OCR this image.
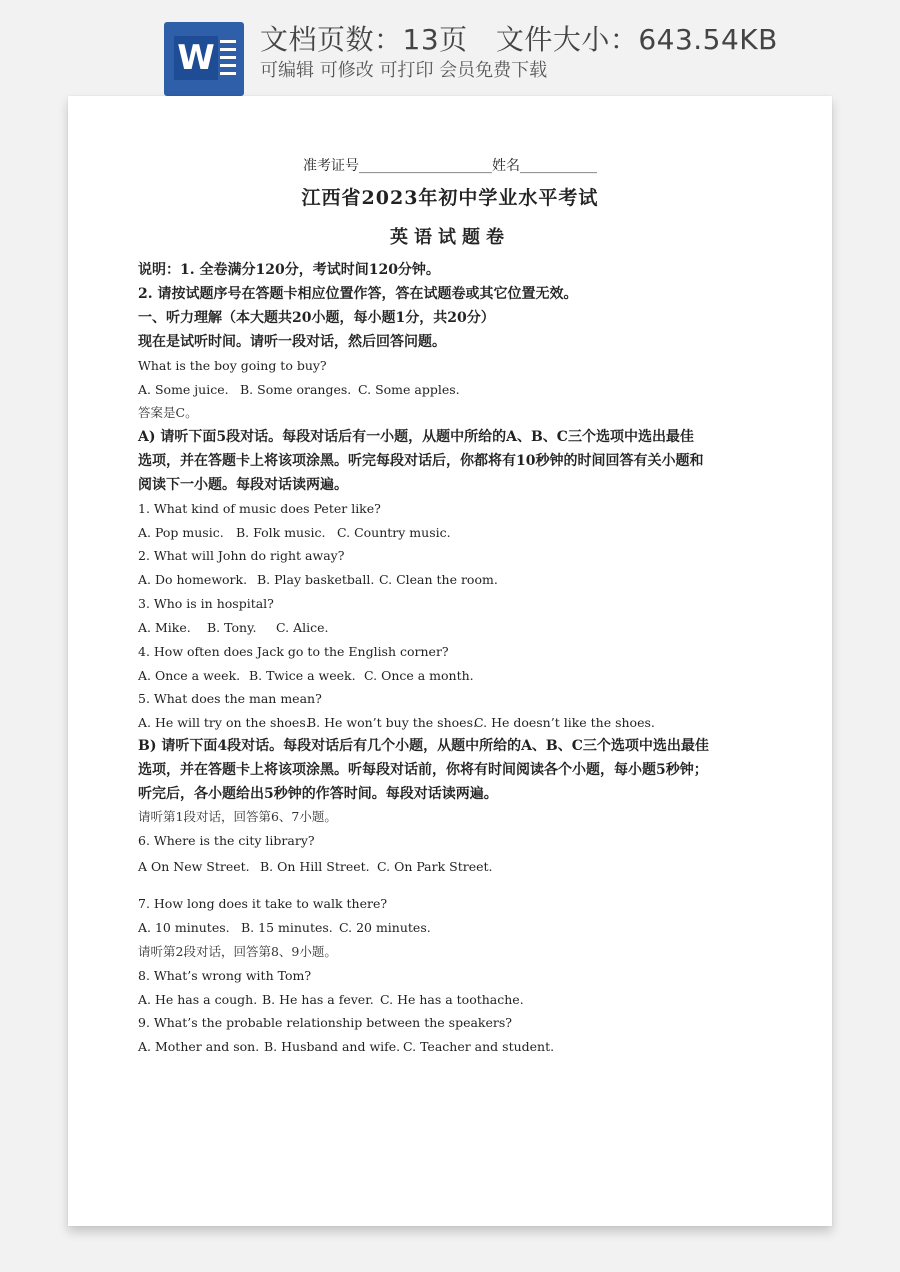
W 文档页数：13页   文件大小：643.54KB
可编辑 可修改 可打印 会员免费下载
准考证号___________________姓名___________
江西省2023年初中学业水平考试
英语试题卷
说明：1. 全卷满分120分，考试时间120分钟。
2. 请按试题序号在答题卡相应位置作答，答在试题卷或其它位置无效。
一、听力理解（本大题共20小题，每小题1分，共20分）
现在是试听时间。请听一段对话，然后回答问题。
What is the boy going to buy?
A. Some juice. B. Some oranges. C. Some apples.
答案是C。
A) 请听下面5段对话。每段对话后有一小题，从题中所给的A、B、C三个选项中选出最佳
选项，并在答题卡上将该项涂黑。听完每段对话后，你都将有10秒钟的时间回答有关小题和
阅读下一小题。每段对话读两遍。
1. What kind of music does Peter like?
A. Pop music. B. Folk music. C. Country music.
2. What will John do right away?
A. Do homework. B. Play basketball. C. Clean the room.
3. Who is in hospital?
A. Mike. B. Tony. C. Alice.
4. How often does Jack go to the English corner?
A. Once a week. B. Twice a week. C. Once a month.
5. What does the man mean?
A. He will try on the shoes.B. He won’t buy the shoes.C. He doesn’t like the shoes.
B) 请听下面4段对话。每段对话后有几个小题，从题中所给的A、B、C三个选项中选出最佳
选项，并在答题卡上将该项涂黑。听每段对话前，你将有时间阅读各个小题，每小题5秒钟；
听完后，各小题给出5秒钟的作答时间。每段对话读两遍。
请听第1段对话，回答第6、7小题。
6. Where is the city library?
A On New Street. B. On Hill Street. C. On Park Street.
7. How long does it take to walk there?
A. 10 minutes. B. 15 minutes. C. 20 minutes.
请听第2段对话，回答第8、9小题。
8. What’s wrong with Tom?
A. He has a cough. B. He has a fever. C. He has a toothache.
9. What’s the probable relationship between the speakers?
A. Mother and son. B. Husband and wife. C. Teacher and student.
